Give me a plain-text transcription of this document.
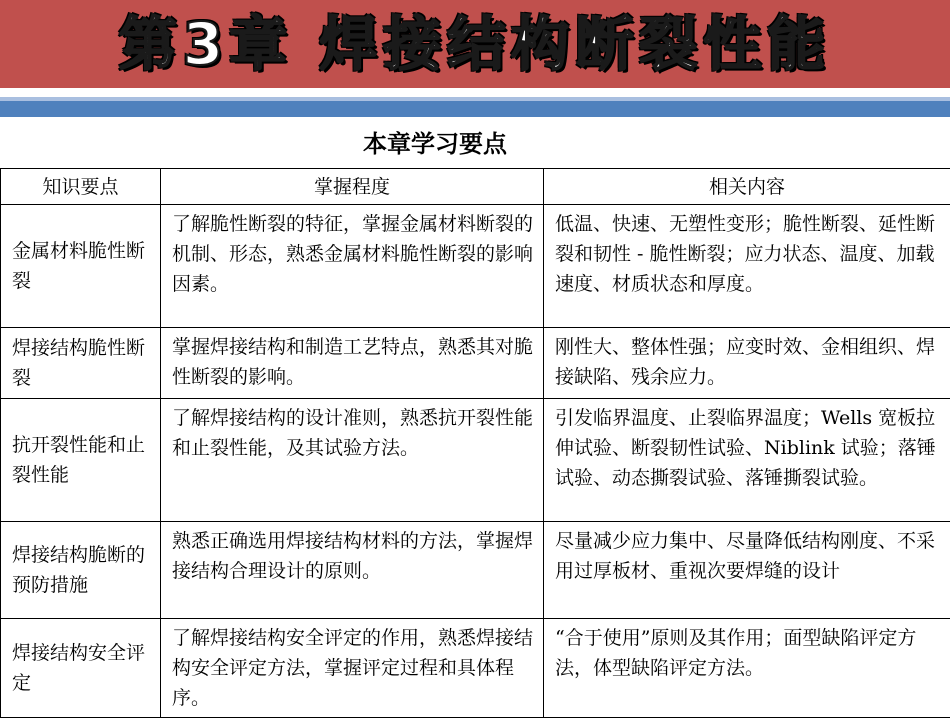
第3章 焊接结构断裂性能
本章学习要点
知识要点	掌握程度	相关内容
金属材料脆性断裂	了解脆性断裂的特征，掌握金属材料断裂的机制、形态，熟悉金属材料脆性断裂的影响因素。	低温、快速、无塑性变形；脆性断裂、延性断裂和韧性 - 脆性断裂；应力状态、温度、加载速度、材质状态和厚度。
焊接结构脆性断裂	掌握焊接结构和制造工艺特点，熟悉其对脆性断裂的影响。	刚性大、整体性强；应变时效、金相组织、焊接缺陷、残余应力。
抗开裂性能和止裂性能	了解焊接结构的设计准则，熟悉抗开裂性能和止裂性能，及其试验方法。	引发临界温度、止裂临界温度；Wells 宽板拉伸试验、断裂韧性试验、Niblink 试验；落锤试验、动态撕裂试验、落锤撕裂试验。
焊接结构脆断的预防措施	熟悉正确选用焊接结构材料的方法，掌握焊接结构合理设计的原则。	尽量减少应力集中、尽量降低结构刚度、不采用过厚板材、重视次要焊缝的设计
焊接结构安全评定	了解焊接结构安全评定的作用，熟悉焊接结构安全评定方法，掌握评定过程和具体程序。	“合于使用”原则及其作用；面型缺陷评定方法，体型缺陷评定方法。
